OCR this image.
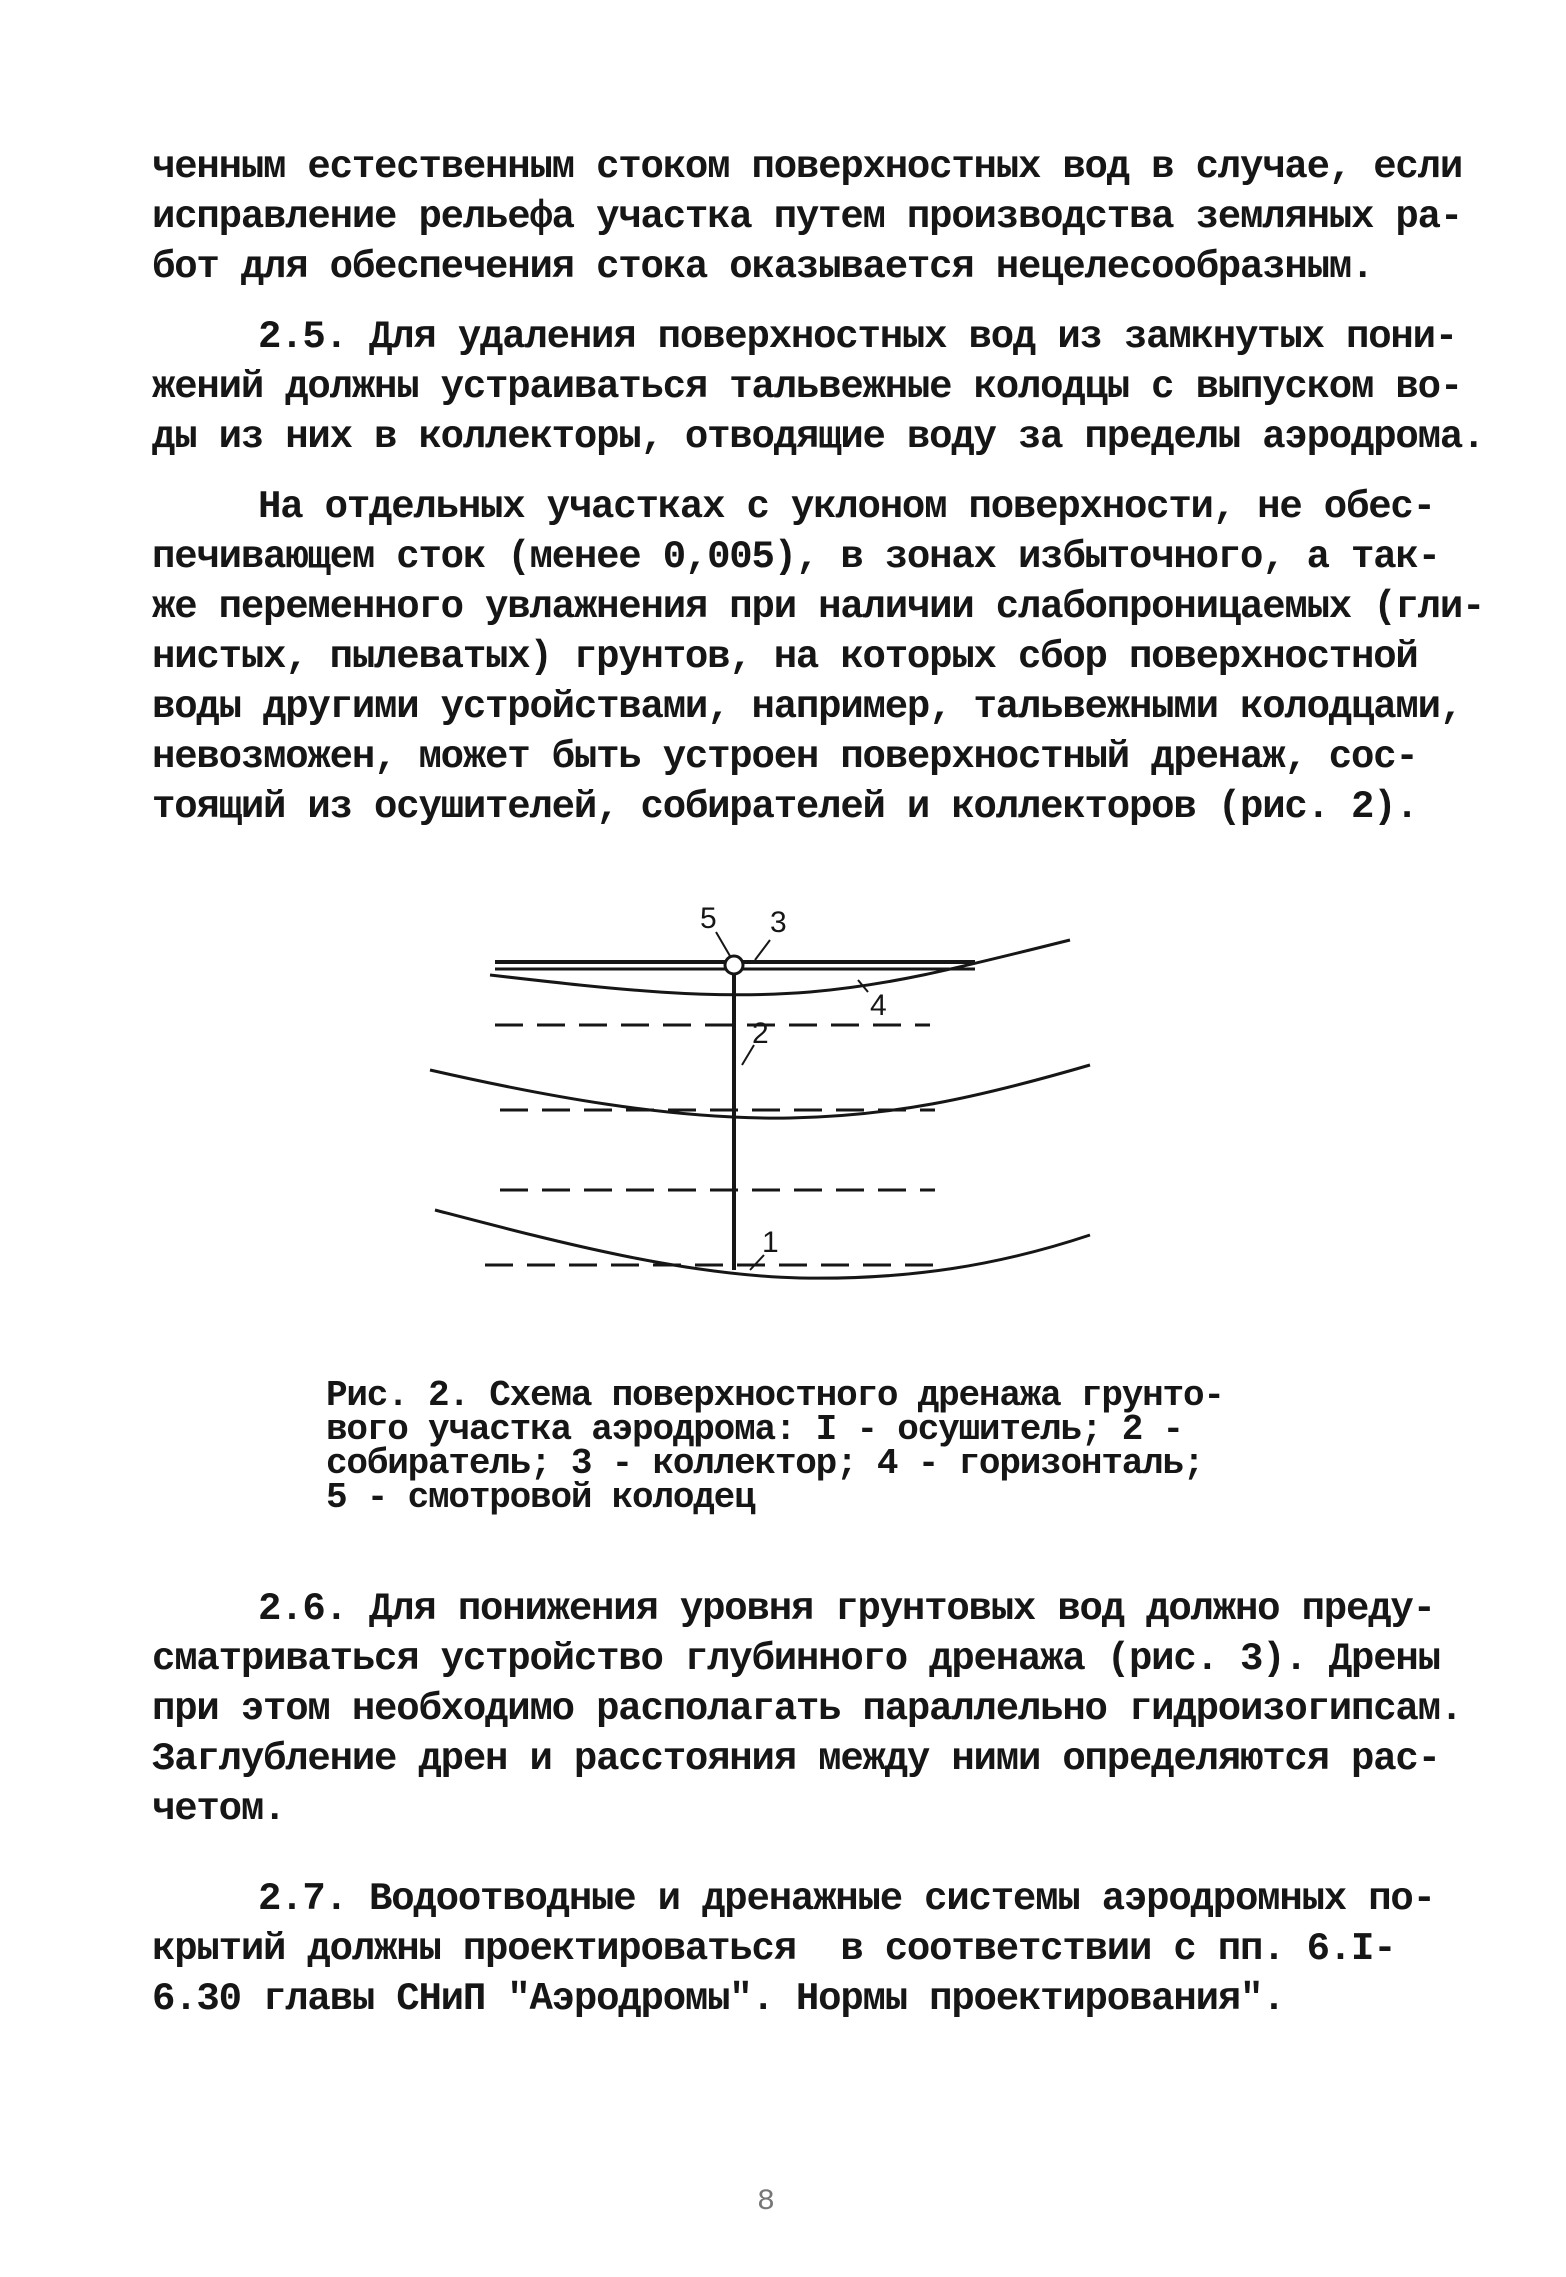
ченным естественным стоком поверхностных вод в случае, если
исправление рельефа участка путем производства земляных ра-
бот для обеспечения стока оказывается нецелесообразным.
2.5. Для удаления поверхностных вод из замкнутых пони-
жений должны устраиваться тальвежные колодцы с выпуском во-
ды из них в коллекторы, отводящие воду за пределы аэродрома.
На отдельных участках с уклоном поверхности, не обес-
печивающем сток (менее 0,005), в зонах избыточного, а так-
же переменного увлажнения при наличии слабопроницаемых (гли-
нистых, пылеватых) грунтов, на которых сбор поверхностной
воды другими устройствами, например, тальвежными колодцами,
невозможен, может быть устроен поверхностный дренаж, сос-
тоящий из осушителей, собирателей и коллекторов (рис. 2).
5 3
4
2
1
Рис. 2. Схема поверхностного дренажа грунто-
вого участка аэродрома: I - осушитель; 2 -
собиратель; 3 - коллектор; 4 - горизонталь;
5 - смотровой колодец
2.6. Для понижения уровня грунтовых вод должно преду-
сматриваться устройство глубинного дренажа (рис. 3). Дрены
при этом необходимо располагать параллельно гидроизогипсам.
Заглубление дрен и расстояния между ними определяются рас-
четом.
2.7. Водоотводные и дренажные системы аэродромных по-
крытий должны проектироваться  в соответствии с пп. 6.I-
6.30 главы СНиП "Аэродромы". Нормы проектирования".
8
